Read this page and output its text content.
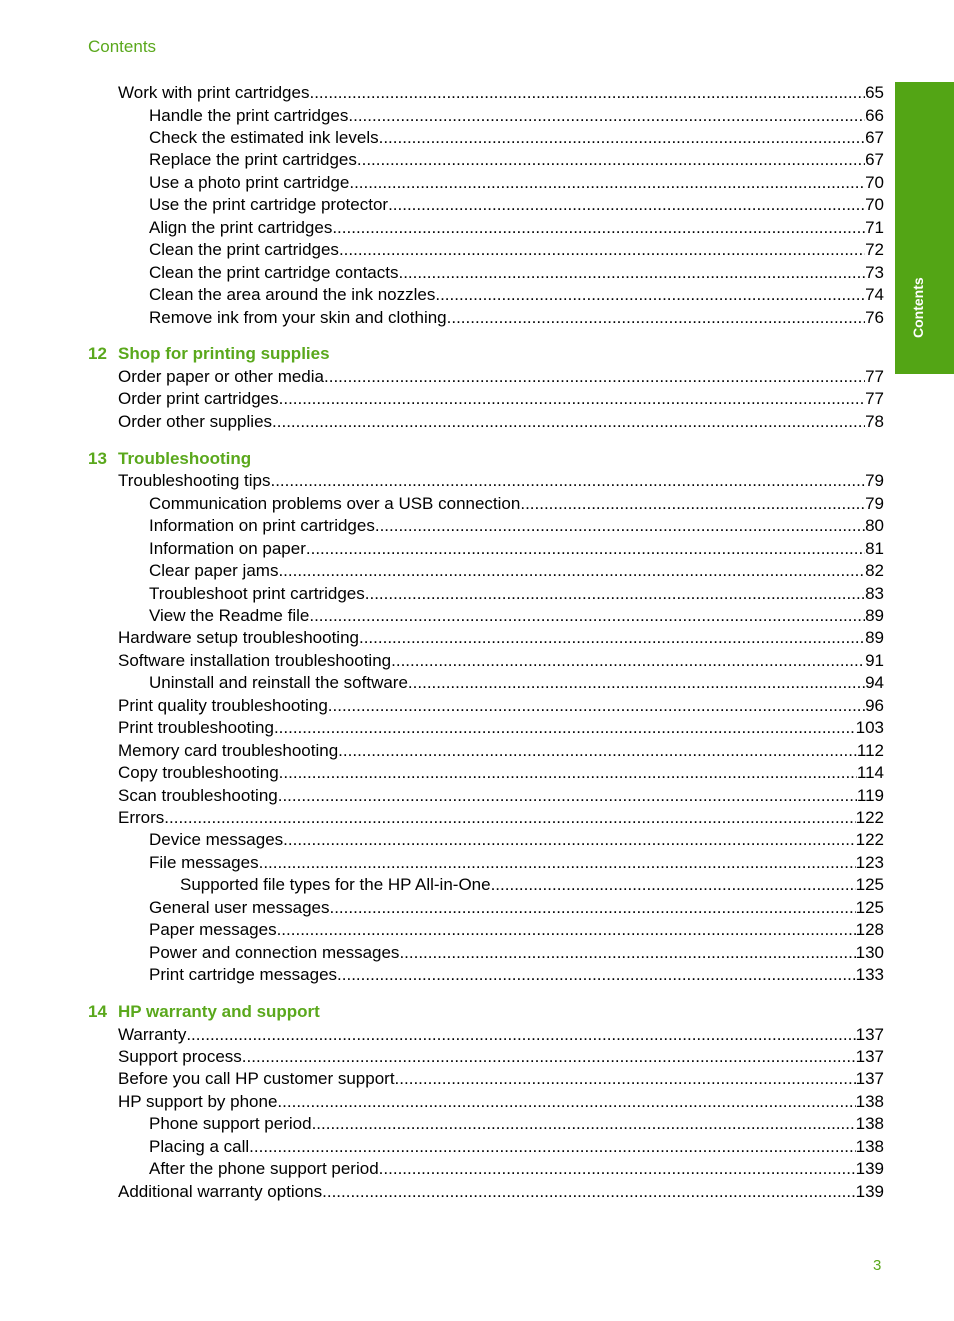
Contents
Contents
Work with print cartridges .....	65
Handle the print cartridges .....	66
Check the estimated ink levels .....	67
Replace the print cartridges .....	67
Use a photo print cartridge .....	70
Use the print cartridge protector .....	70
Align the print cartridges .....	71
Clean the print cartridges .....	72
Clean the print cartridge contacts .....	73
Clean the area around the ink nozzles .....	74
Remove ink from your skin and clothing .....	76
12 Shop for printing supplies
Order paper or other media .....	77
Order print cartridges .....	77
Order other supplies .....	78
13 Troubleshooting
Troubleshooting tips .....	79
Communication problems over a USB connection .....	79
Information on print cartridges .....	80
Information on paper .....	81
Clear paper jams .....	82
Troubleshoot print cartridges .....	83
View the Readme file .....	89
Hardware setup troubleshooting .....	89
Software installation troubleshooting .....	91
Uninstall and reinstall the software .....	94
Print quality troubleshooting .....	96
Print troubleshooting .....	103
Memory card troubleshooting .....	112
Copy troubleshooting .....	114
Scan troubleshooting .....	119
Errors .....	122
Device messages .....	122
File messages .....	123
Supported file types for the HP All-in-One .....	125
General user messages .....	125
Paper messages .....	128
Power and connection messages .....	130
Print cartridge messages .....	133
14 HP warranty and support
Warranty .....	137
Support process .....	137
Before you call HP customer support .....	137
HP support by phone .....	138
Phone support period .....	138
Placing a call .....	138
After the phone support period .....	139
Additional warranty options .....	139
3
